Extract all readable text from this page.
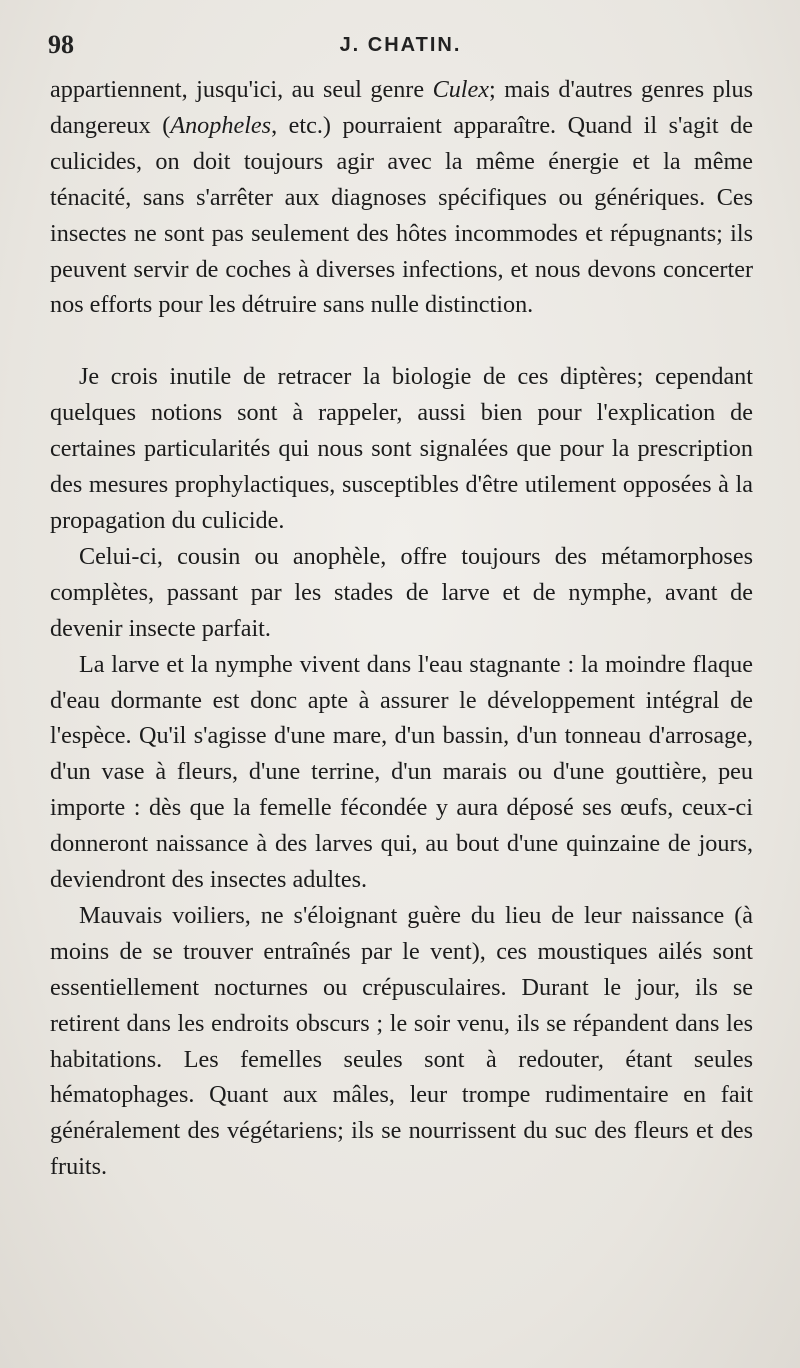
98	J. CHATIN.

appartiennent, jusqu'ici, au seul genre Culex; mais d'autres genres plus dangereux (Anopheles, etc.) pourraient apparaître. Quand il s'agit de culicides, on doit toujours agir avec la même énergie et la même ténacité, sans s'arrêter aux diagnoses spécifiques ou génériques. Ces insectes ne sont pas seulement des hôtes incommodes et répugnants; ils peuvent servir de coches à diverses infections, et nous devons concerter nos efforts pour les détruire sans nulle distinction.

Je crois inutile de retracer la biologie de ces diptères; cependant quelques notions sont à rappeler, aussi bien pour l'explication de certaines particularités qui nous sont signalées que pour la prescription des mesures prophylactiques, susceptibles d'être utilement opposées à la propagation du culicide.

Celui-ci, cousin ou anophèle, offre toujours des métamorphoses complètes, passant par les stades de larve et de nymphe, avant de devenir insecte parfait.

La larve et la nymphe vivent dans l'eau stagnante : la moindre flaque d'eau dormante est donc apte à assurer le développement intégral de l'espèce. Qu'il s'agisse d'une mare, d'un bassin, d'un tonneau d'arrosage, d'un vase à fleurs, d'une terrine, d'un marais ou d'une gouttière, peu importe : dès que la femelle fécondée y aura déposé ses œufs, ceux-ci donneront naissance à des larves qui, au bout d'une quinzaine de jours, deviendront des insectes adultes.

Mauvais voiliers, ne s'éloignant guère du lieu de leur naissance (à moins de se trouver entraînés par le vent), ces moustiques ailés sont essentiellement nocturnes ou crépusculaires. Durant le jour, ils se retirent dans les endroits obscurs ; le soir venu, ils se répandent dans les habitations. Les femelles seules sont à redouter, étant seules hématophages. Quant aux mâles, leur trompe rudimentaire en fait généralement des végétariens; ils se nourrissent du suc des fleurs et des fruits.
